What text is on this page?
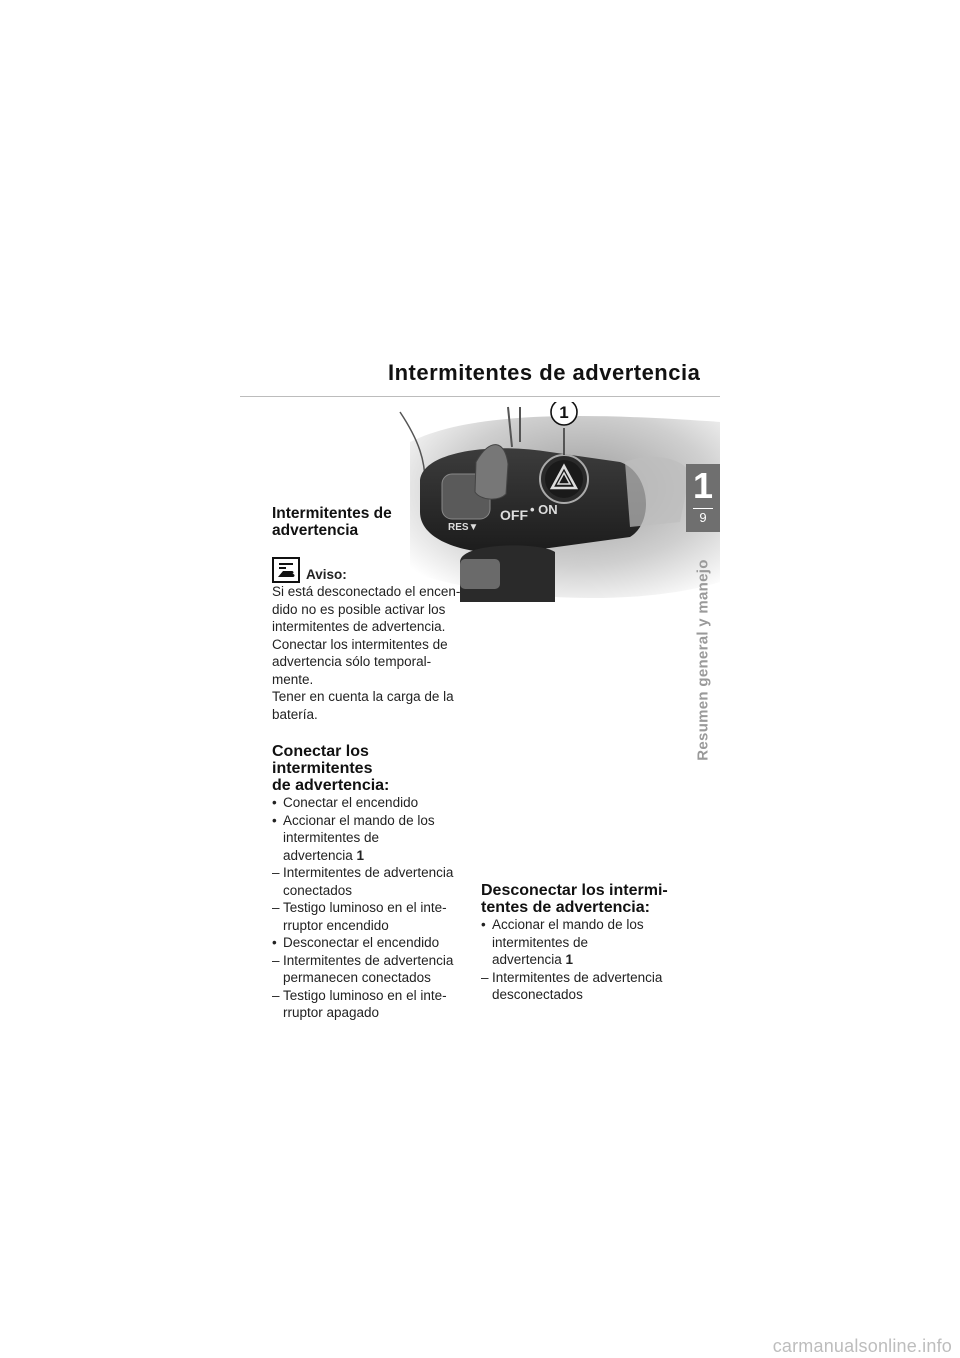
Intermitentes de advertencia
OFF • ON
RES▼
1
1
9
Resumen general y manejo
Intermitentes de
advertencia
Aviso:
Si está desconectado el encen-
dido no es posible activar los
intermitentes de advertencia.
Conectar los intermitentes de
advertencia sólo temporal-
mente.
Tener en cuenta la carga de la
batería.
Conectar los intermitentes
de advertencia:
• Conectar el encendido
• Accionar el mando de los
intermitentes de
advertencia 1
– Intermitentes de advertencia
conectados
– Testigo luminoso en el inte-
rruptor encendido
• Desconectar el encendido
– Intermitentes de advertencia
permanecen conectados
– Testigo luminoso en el inte-
rruptor apagado
Desconectar los intermi-
tentes de advertencia:
• Accionar el mando de los
intermitentes de
advertencia 1
– Intermitentes de advertencia
desconectados
carmanualsonline.info
